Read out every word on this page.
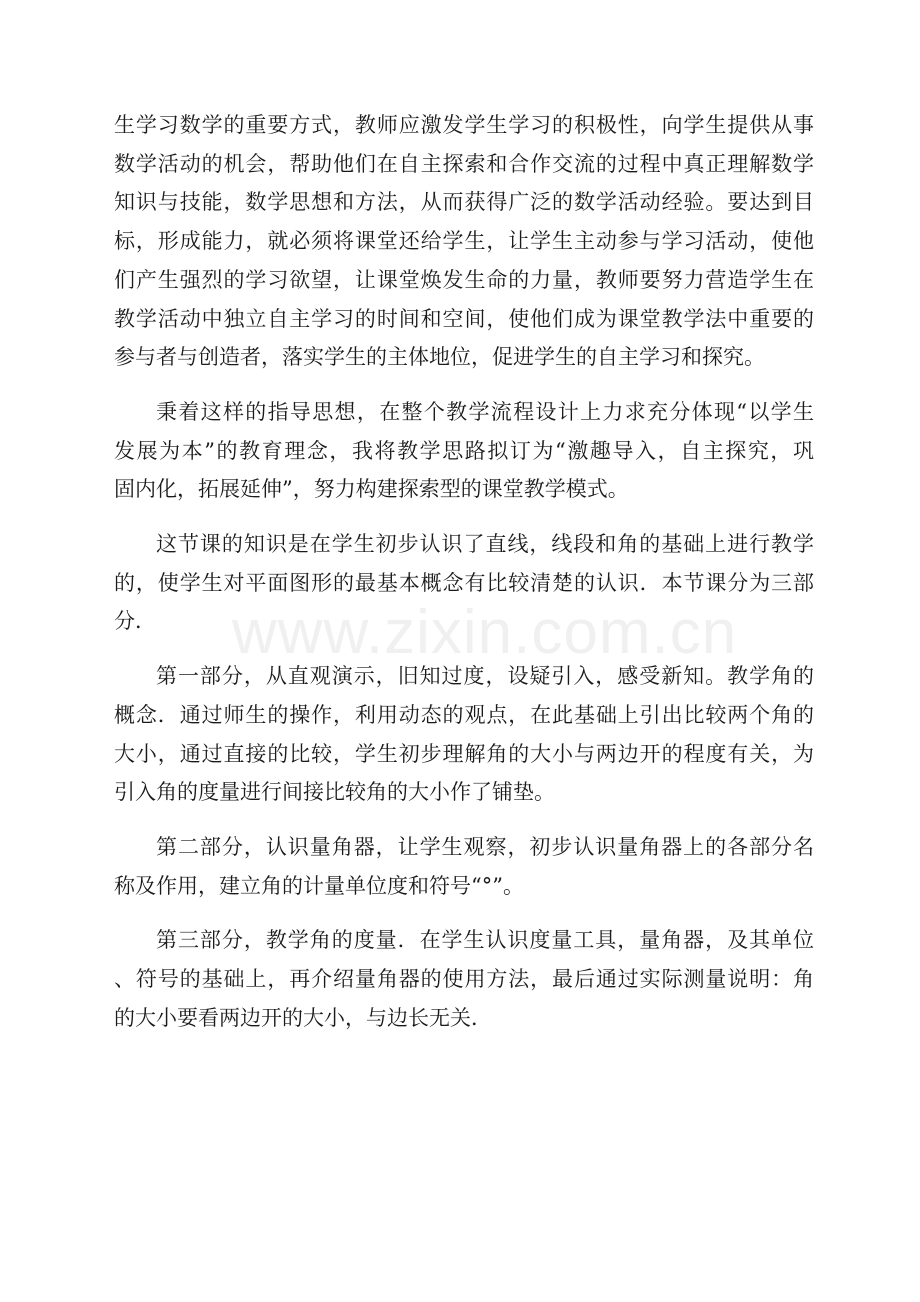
生学习数学的重要方式，教师应激发学生学习的积极性，向学生提供从事
数学活动的机会，帮助他们在自主探索和合作交流的过程中真正理解数学
知识与技能，数学思想和方法，从而获得广泛的数学活动经验。要达到目
标，形成能力，就必须将课堂还给学生，让学生主动参与学习活动，使他
们产生强烈的学习欲望，让课堂焕发生命的力量，教师要努力营造学生在
教学活动中独立自主学习的时间和空间，使他们成为课堂教学法中重要的
参与者与创造者，落实学生的主体地位，促进学生的自主学习和探究。

秉着这样的指导思想，在整个教学流程设计上力求充分体现“以学生
发展为本”的教育理念，我将教学思路拟订为“激趣导入，自主探究，巩
固内化，拓展延伸”，努力构建探索型的课堂教学模式。

这节课的知识是在学生初步认识了直线，线段和角的基础上进行教学
的，使学生对平面图形的最基本概念有比较清楚的认识．本节课分为三部
分．

第一部分，从直观演示，旧知过度，设疑引入，感受新知。教学角的
概念．通过师生的操作，利用动态的观点，在此基础上引出比较两个角的
大小，通过直接的比较，学生初步理解角的大小与两边开的程度有关，为
引入角的度量进行间接比较角的大小作了铺垫。

第二部分，认识量角器，让学生观察，初步认识量角器上的各部分名
称及作用，建立角的计量单位度和符号“°”。

第三部分，教学角的度量．在学生认识度量工具，量角器，及其单位
、符号的基础上，再介绍量角器的使用方法，最后通过实际测量说明：角
的大小要看两边开的大小，与边长无关．

www.zixin.com.cn
